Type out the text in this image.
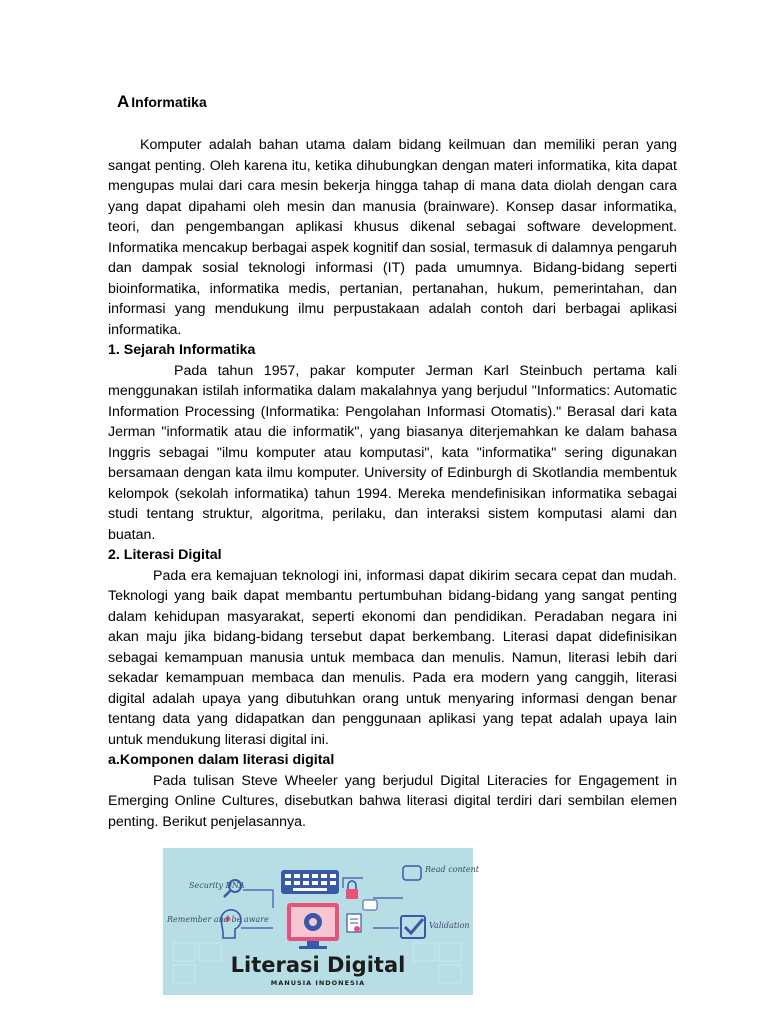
A Informatika

Komputer adalah bahan utama dalam bidang keilmuan dan memiliki peran yang sangat penting. Oleh karena itu, ketika dihubungkan dengan materi informatika, kita dapat mengupas mulai dari cara mesin bekerja hingga tahap di mana data diolah dengan cara yang dapat dipahami oleh mesin dan manusia (brainware). Konsep dasar informatika, teori, dan pengembangan aplikasi khusus dikenal sebagai software development. Informatika mencakup berbagai aspek kognitif dan sosial, termasuk di dalamnya pengaruh dan dampak sosial teknologi informasi (IT) pada umumnya. Bidang-bidang seperti bioinformatika, informatika medis, pertanian, pertanahan, hukum, pemerintahan, dan informasi yang mendukung ilmu perpustakaan adalah contoh dari berbagai aplikasi informatika.

1. Sejarah Informatika

Pada tahun 1957, pakar komputer Jerman Karl Steinbuch pertama kali menggunakan istilah informatika dalam makalahnya yang berjudul "Informatics: Automatic Information Processing (Informatika: Pengolahan Informasi Otomatis)." Berasal dari kata Jerman "informatik atau die informatik", yang biasanya diterjemahkan ke dalam bahasa Inggris sebagai "ilmu komputer atau komputasi", kata "informatika" sering digunakan bersamaan dengan kata ilmu komputer. University of Edinburgh di Skotlandia membentuk kelompok (sekolah informatika) tahun 1994. Mereka mendefinisikan informatika sebagai studi tentang struktur, algoritma, perilaku, dan interaksi sistem komputasi alami dan buatan.

2. Literasi Digital

Pada era kemajuan teknologi ini, informasi dapat dikirim secara cepat dan mudah. Teknologi yang baik dapat membantu pertumbuhan bidang-bidang yang sangat penting dalam kehidupan masyarakat, seperti ekonomi dan pendidikan. Peradaban negara ini akan maju jika bidang-bidang tersebut dapat berkembang. Literasi dapat didefinisikan sebagai kemampuan manusia untuk membaca dan menulis. Namun, literasi lebih dari sekadar kemampuan membaca dan menulis. Pada era modern yang canggih, literasi digital adalah upaya yang dibutuhkan orang untuk menyaring informasi dengan benar tentang data yang didapatkan dan penggunaan aplikasi yang tepat adalah upaya lain untuk mendukung literasi digital ini.

a.Komponen dalam literasi digital

Pada tulisan Steve Wheeler yang berjudul Digital Literacies for Engagement in Emerging Online Cultures, disebutkan bahwa literasi digital terdiri dari sembilan elemen penting. Berikut penjelasannya.

Security DNA
Remember and be aware
Read content
Validation
Literasi Digital
MANUSIA INDONESIA
